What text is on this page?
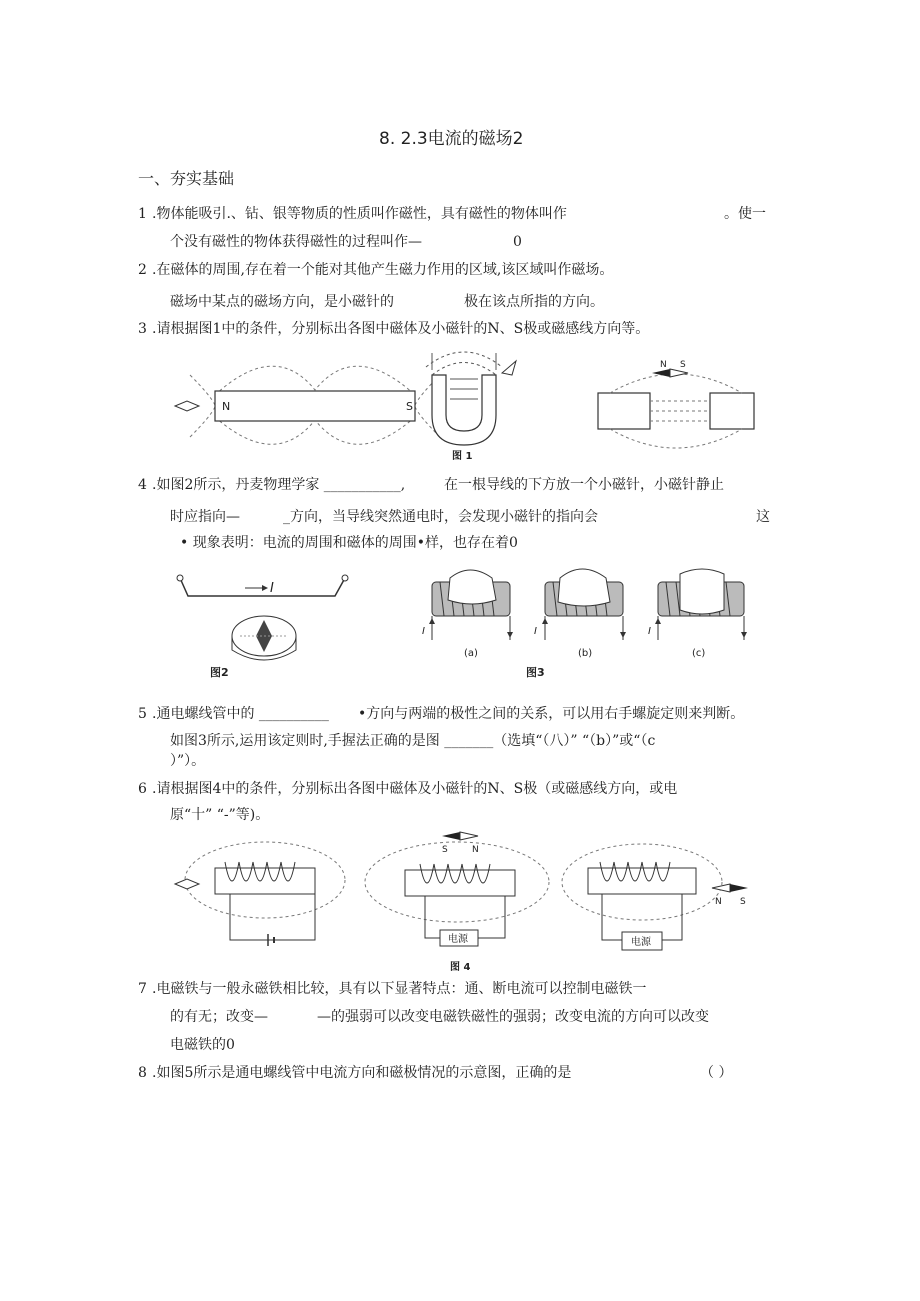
8. 2.3电流的磁场2
一、夯实基础
1 .物体能吸引.、钻、银等物质的性质叫作磁性，具有磁性的物体叫作	。使一
个没有磁性的物体获得磁性的过程叫作—	0
2 .在磁体的周围,存在着一个能对其他产生磁力作用的区域,该区域叫作磁场。
磁场中某点的磁场方向，是小磁针的	极在该点所指的方向。
3 .请根据图1中的条件，分别标出各图中磁体及小磁针的N、S极或磁感线方向等。
N	S
图 1
N S
4 .如图2所示，丹麦物理学家 ___________,	在一根导线的下方放一个小磁针，小磁针静止
时应指向—	_方向，当导线突然通电时，会发现小磁针的指向会	这
• 现象表明：电流的周围和磁体的周围•样，也存在着0
I
图2
I
(a)
I
(b)
I
(c)
图3
5 .通电螺线管中的 __________ •方向与两端的极性之间的关系，可以用右手螺旋定则来判断。
如图3所示,运用该定则时,手握法正确的是图 _______（选填“（八）” “（b）”或“（c
）”）。
6 .请根据图4中的条件，分别标出各图中磁体及小磁针的N、S极（或磁感线方向，或电
原“十” “-”等)。
电源
S	N
电源
N S
图 4
7 .电磁铁与一般永磁铁相比较，具有以下显著特点：通、断电流可以控制电磁铁一
的有无；改变—	—的强弱可以改变电磁铁磁性的强弱；改变电流的方向可以改变
电磁铁的0
8 .如图5所示是通电螺线管中电流方向和磁极情况的示意图，正确的是	（ ）
